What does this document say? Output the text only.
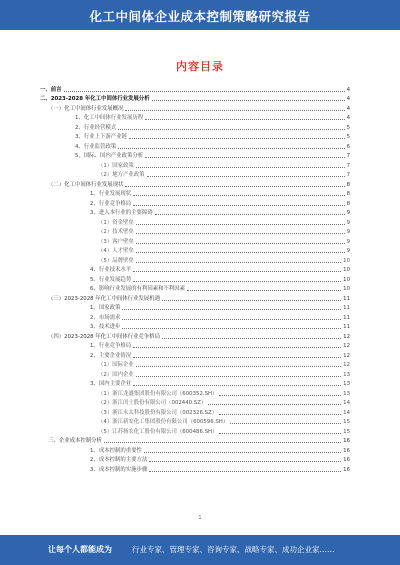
化工中间体企业成本控制策略研究报告
内容目录
一、前言	4
二、2023-2028 年化工中间体行业发展分析	4
（一）化工中间体行业发展概况	4
1、化工中间体行业发展历程	4
2、行业经营模式	5
3、行业上下游产业链	5
4、行业监管政策	6
5、国际、国内产业政策分析	7
（1）国家政策	7
（2）地方产业政策	7
（二）化工中间体行业发展现状	8
1、行业发展现状	8
2、行业竞争格局	8
3、进入本行业的主要障碍	9
（1）资金壁垒	9
（2）技术壁垒	9
（3）客户壁垒	9
（4）人才壁垒	9
（5）品牌壁垒	10
4、行业技术水平	10
5、行业发展趋势	10
6、影响行业发展的有利因素和不利因素	10
（三）2023-2028 年化工中间体行业发展机遇	11
1、国家政策	11
2、市场需求	11
3、技术进步	11
（四）2023-2028 年化工中间体行业竞争格局	12
1、行业竞争格局	12
2、主要企业情况	12
（1）国际企业	12
（2）国内企业	13
3、国内主要企业	13
（1）浙江龙盛集团股份有限公司（600352.SH）	13
（2）浙江闰土股份有限公司（002440.SZ）	14
（3）浙江永太科技股份有限公司（002326.SZ）	14
（4）浙江新安化工集团股份有限公司（600596.SH）	15
（5）江苏扬农化工股份有限公司（600486.SH）	15
三、企业成本控制分析	16
1、成本控制的重要性	16
2、成本控制的主要方法	16
3、成本控制的实施步骤	16
1
让每个人都能成为	行业专家、管理专家、咨询专家、战略专家、成功企业家……
